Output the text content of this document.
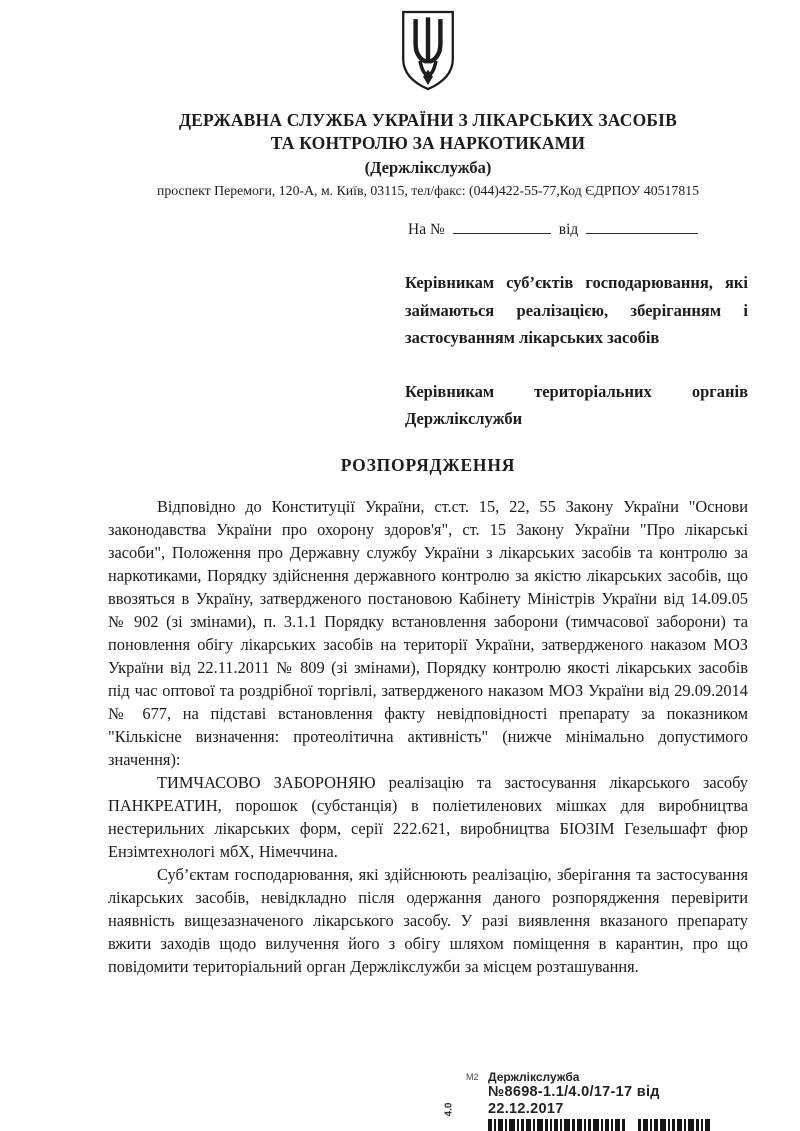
ДЕРЖАВНА СЛУЖБА УКРАЇНИ З ЛІКАРСЬКИХ ЗАСОБІВ
ТА КОНТРОЛЮ ЗА НАРКОТИКАМИ
(Держлікслужба)
проспект Перемоги, 120-А, м. Київ, 03115, тел/факс: (044)422-55-77,Код ЄДРПОУ 40517815
На №	від

Керівникам суб’єктів господарювання, які займаються реалізацією, зберіганням і застосуванням лікарських засобів

Керівникам територіальних органів Держлікслужби

РОЗПОРЯДЖЕННЯ

Відповідно до Конституції України, ст.ст. 15, 22, 55 Закону України "Основи законодавства України про охорону здоров'я", ст. 15 Закону України "Про лікарські засоби", Положення про Державну службу України з лікарських засобів та контролю за наркотиками, Порядку здійснення державного контролю за якістю лікарських засобів, що ввозяться в Україну, затвердженого постановою Кабінету Міністрів України від 14.09.05 № 902 (зі змінами), п. 3.1.1 Порядку встановлення заборони (тимчасової заборони) та поновлення обігу лікарських засобів на території України, затвердженого наказом МОЗ України від 22.11.2011 № 809 (зі змінами), Порядку контролю якості лікарських засобів під час оптової та роздрібної торгівлі, затвердженого наказом МОЗ України від 29.09.2014 № 677, на підставі встановлення факту невідповідності препарату за показником "Кількісне визначення: протеолітична активність" (нижче мінімально допустимого значення):

ТИМЧАСОВО ЗАБОРОНЯЮ реалізацію та застосування лікарського засобу ПАНКРЕАТИН, порошок (субстанція) в поліетиленових мішках для виробництва нестерильних лікарських форм, серії 222.621, виробництва БІОЗІМ Гезельшафт фюр Ензімтехнологі мбХ, Німеччина.

Суб’єктам господарювання, які здійснюють реалізацію, зберігання та застосування лікарських засобів, невідкладно після одержання даного розпорядження перевірити наявність вищезазначеного лікарського засобу. У разі виявлення вказаного препарату вжити заходів щодо вилучення його з обігу шляхом поміщення в карантин, про що повідомити територіальний орган Держлікслужби за місцем розташування.

М2
4.0
Держлікслужба
№8698-1.1/4.0/17-17 від 22.12.2017
